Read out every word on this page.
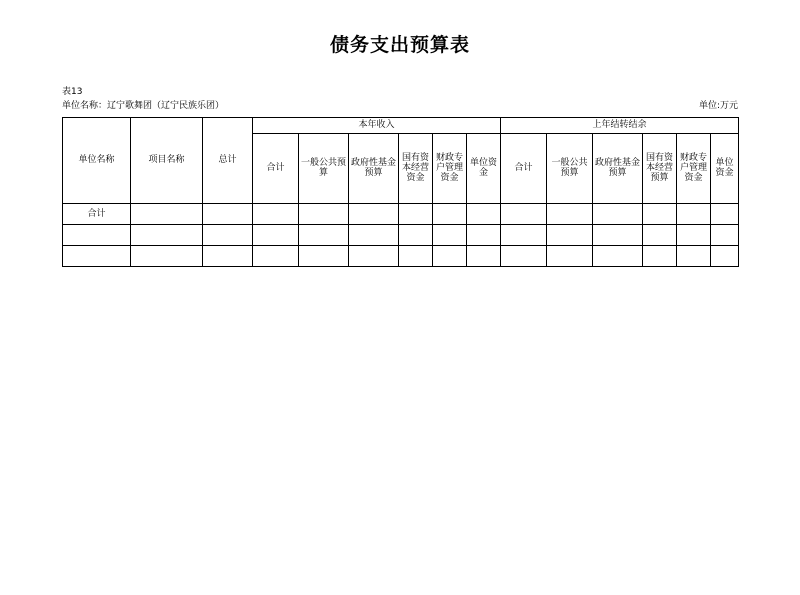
债务支出预算表
表13
单位名称：辽宁歌舞团（辽宁民族乐团）	单位:万元
单位名称	项目名称	总计	本年收入						上年结转结余					
			合计	一般公共预算	政府性基金预算	国有资本经营资金	财政专户管理资金	单位资金	合计	一般公共预算	政府性基金预算	国有资本经营预算	财政专户管理资金	单位资金
合计														
